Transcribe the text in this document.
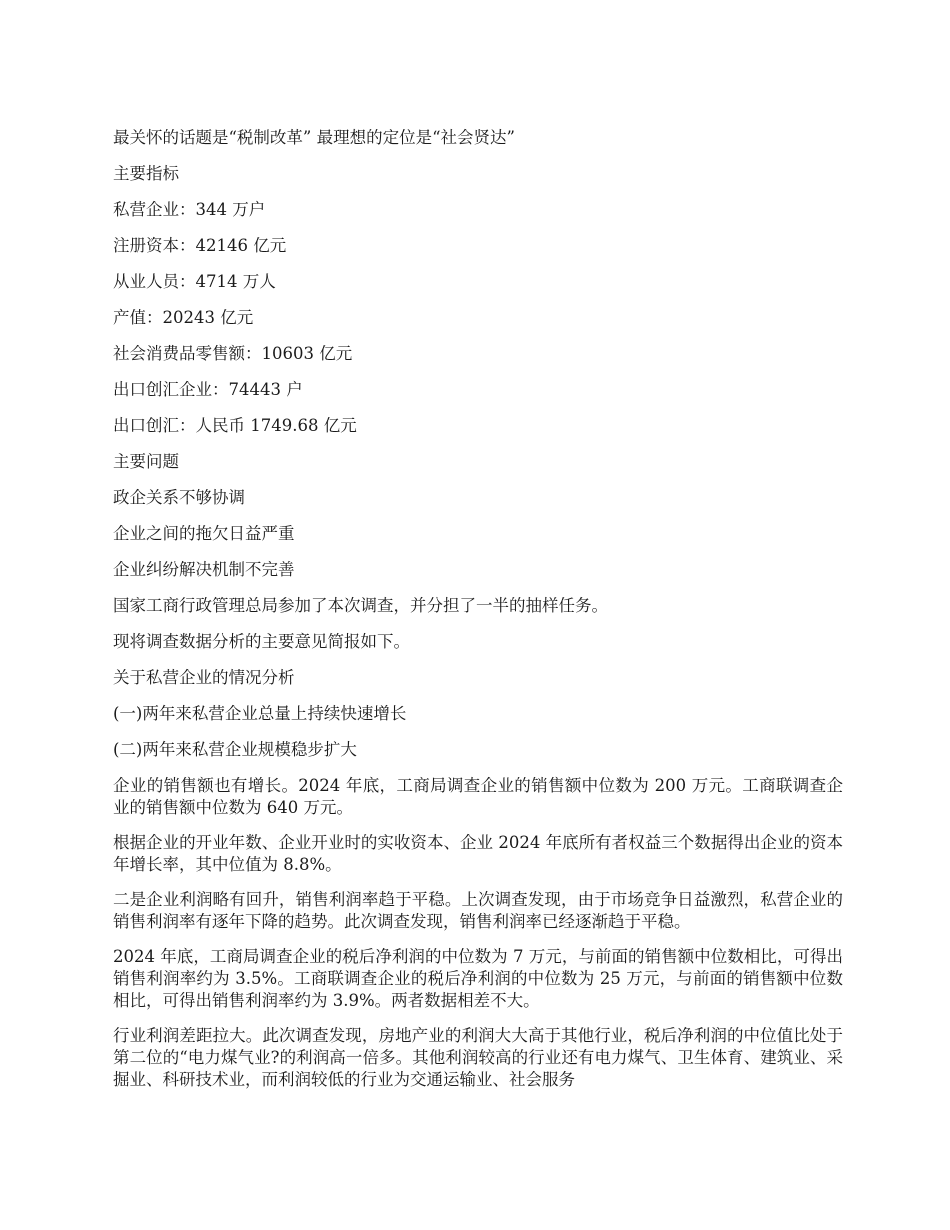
最关怀的话题是“税制改革” 最理想的定位是“社会贤达”

主要指标

私营企业：344 万户

注册资本：42146 亿元

从业人员：4714 万人

产值：20243 亿元

社会消费品零售额：10603 亿元

出口创汇企业：74443 户

出口创汇：人民币 1749.68 亿元

主要问题

政企关系不够协调

企业之间的拖欠日益严重

企业纠纷解决机制不完善

国家工商行政管理总局参加了本次调查，并分担了一半的抽样任务。

现将调查数据分析的主要意见简报如下。

关于私营企业的情况分析

(一)两年来私营企业总量上持续快速增长

(二)两年来私营企业规模稳步扩大

企业的销售额也有增长。2024 年底，工商局调查企业的销售额中位数为 200 万元。工商联调查企业的销售额中位数为 640 万元。

根据企业的开业年数、企业开业时的实收资本、企业 2024 年底所有者权益三个数据得出企业的资本年增长率，其中位值为 8.8%。

二是企业利润略有回升，销售利润率趋于平稳。上次调查发现，由于市场竞争日益激烈，私营企业的销售利润率有逐年下降的趋势。此次调查发现，销售利润率已经逐渐趋于平稳。

2024 年底，工商局调查企业的税后净利润的中位数为 7 万元，与前面的销售额中位数相比，可得出销售利润率约为 3.5%。工商联调查企业的税后净利润的中位数为 25 万元，与前面的销售额中位数相比，可得出销售利润率约为 3.9%。两者数据相差不大。

行业利润差距拉大。此次调查发现，房地产业的利润大大高于其他行业，税后净利润的中位值比处于第二位的“电力煤气业?的利润高一倍多。其他利润较高的行业还有电力煤气、卫生体育、建筑业、采掘业、科研技术业，而利润较低的行业为交通运输业、社会服务
